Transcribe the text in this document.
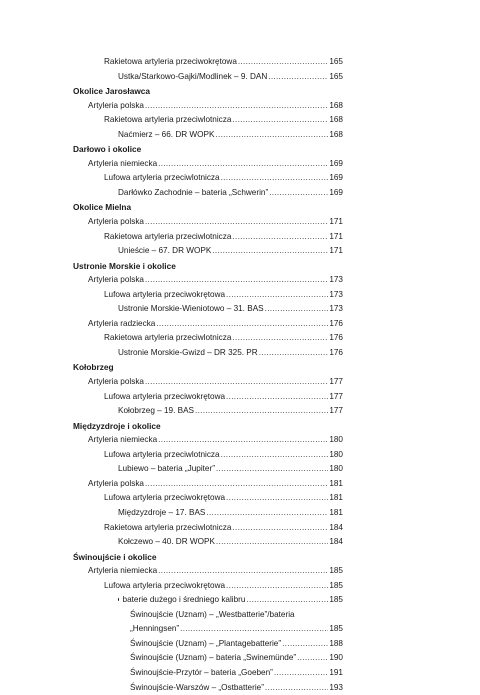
Rakietowa artyleria przeciwokrętowa .....	165
Ustka/Starkowo-Gajki/Modlinek – 9. DAN .....	165
Okolice Jarosławca
Artyleria polska .....	168
Rakietowa artyleria przeciwlotnicza .....	168
Naćmierz – 66. DR WOPK .....	168
Darłowo i okolice
Artyleria niemiecka .....	169
Lufowa artyleria przeciwlotnicza .....	169
Darłówko Zachodnie – bateria „Schwerin” .....	169
Okolice Mielna
Artyleria polska .....	171
Rakietowa artyleria przeciwlotnicza .....	171
Unieście – 67. DR WOPK .....	171
Ustronie Morskie i okolice
Artyleria polska .....	173
Lufowa artyleria przeciwokrętowa .....	173
Ustronie Morskie-Wieniotowo – 31. BAS .....	173
Artyleria radziecka .....	176
Rakietowa artyleria przeciwlotnicza .....	176
Ustronie Morskie-Gwizd – DR 325. PR .....	176
Kołobrzeg
Artyleria polska .....	177
Lufowa artyleria przeciwokrętowa .....	177
Kołobrzeg – 19. BAS .....	177
Międzyzdroje i okolice
Artyleria niemiecka .....	180
Lufowa artyleria przeciwlotnicza .....	180
Lubiewo – bateria „Jupiter” .....	180
Artyleria polska .....	181
Lufowa artyleria przeciwokrętowa .....	181
Międzyzdroje – 17. BAS .....	181
Rakietowa artyleria przeciwlotnicza .....	184
Kołczewo – 40. DR WOPK .....	184
Świnoujście i okolice
Artyleria niemiecka .....	185
Lufowa artyleria przeciwokrętowa .....	185
baterie dużego i średniego kalibru .....	185
Świnoujście (Uznam) – „Westbatterie”/bateria
„Henningsen” .....	185
Świnoujście (Uznam) – „Plantagebatterie” .....	188
Świnoujście (Uznam) – bateria „Swinemünde” .....	190
Świnoujście-Przytór – bateria „Goeben” .....	191
Świnoujście-Warszów – „Ostbatterie” .....	193
